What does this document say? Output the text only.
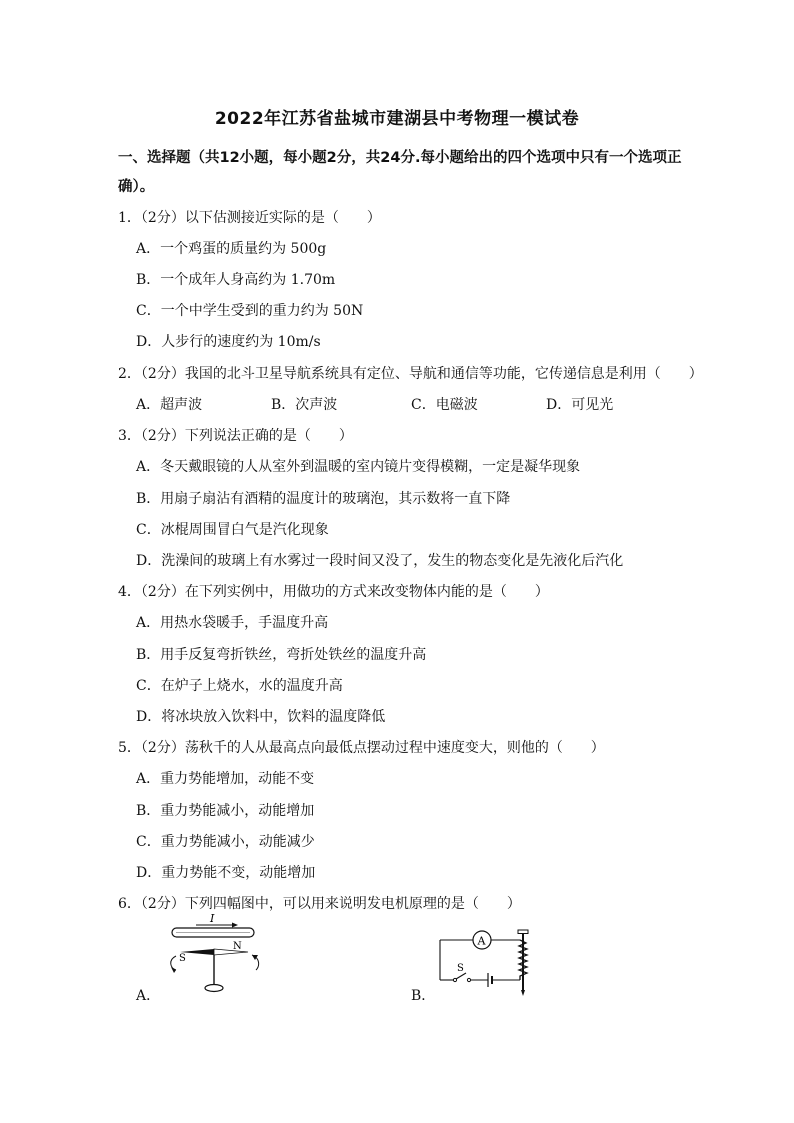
2022年江苏省盐城市建湖县中考物理一模试卷
一、选择题（共12小题，每小题2分，共24分.每小题给出的四个选项中只有一个选项正确）。
1．（2分）以下估测接近实际的是（　　）
A．一个鸡蛋的质量约为 500g
B．一个成年人身高约为 1.70m
C．一个中学生受到的重力约为 50N
D．人步行的速度约为 10m/s
2．（2分）我国的北斗卫星导航系统具有定位、导航和通信等功能，它传递信息是利用（　　）
A．超声波	B．次声波	C．电磁波	D．可见光
3．（2分）下列说法正确的是（　　）
A．冬天戴眼镜的人从室外到温暖的室内镜片变得模糊，一定是凝华现象
B．用扇子扇沾有酒精的温度计的玻璃泡，其示数将一直下降
C．冰棍周围冒白气是汽化现象
D．洗澡间的玻璃上有水雾过一段时间又没了，发生的物态变化是先液化后汽化
4．（2分）在下列实例中，用做功的方式来改变物体内能的是（　　）
A．用热水袋暖手，手温度升高
B．用手反复弯折铁丝，弯折处铁丝的温度升高
C．在炉子上烧水，水的温度升高
D．将冰块放入饮料中，饮料的温度降低
5．（2分）荡秋千的人从最高点向最低点摆动过程中速度变大，则他的（　　）
A．重力势能增加，动能不变
B．重力势能减小，动能增加
C．重力势能减小，动能减少
D．重力势能不变，动能增加
6．（2分）下列四幅图中，可以用来说明发电机原理的是（　　）
A．	B．
I
S
N	A
S
